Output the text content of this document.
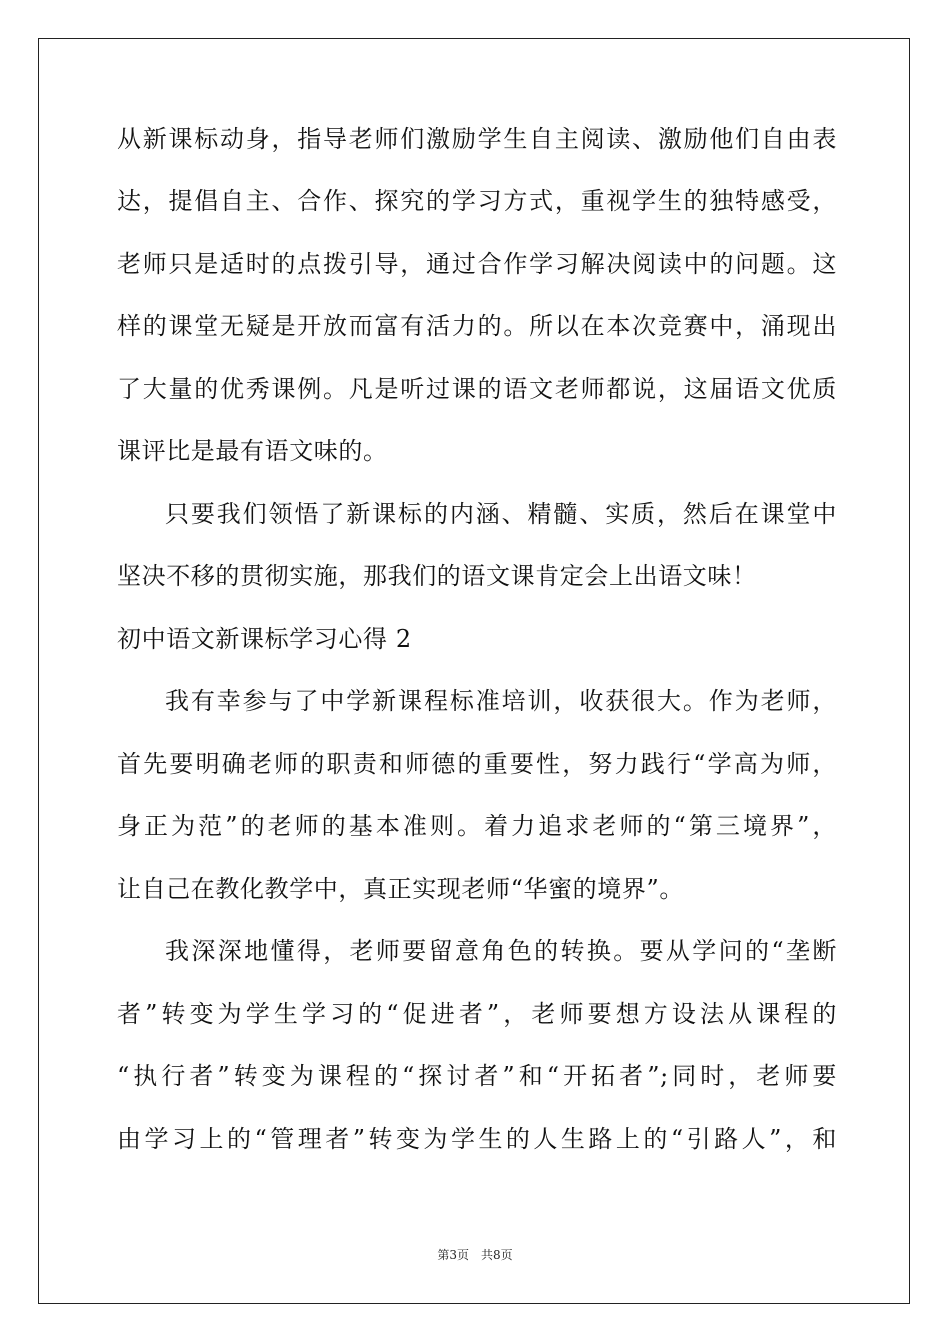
从新课标动身，指导老师们激励学生自主阅读、激励他们自由表
达，提倡自主、合作、探究的学习方式，重视学生的独特感受，
老师只是适时的点拨引导，通过合作学习解决阅读中的问题。这
样的课堂无疑是开放而富有活力的。所以在本次竞赛中，涌现出
了大量的优秀课例。凡是听过课的语文老师都说，这届语文优质
课评比是最有语文味的。
只要我们领悟了新课标的内涵、精髓、实质，然后在课堂中
坚决不移的贯彻实施，那我们的语文课肯定会上出语文味！
初中语文新课标学习心得 2
我有幸参与了中学新课程标准培训，收获很大。作为老师，
首先要明确老师的职责和师德的重要性，努力践行“学高为师，
身正为范”的老师的基本准则。着力追求老师的“第三境界”，
让自己在教化教学中，真正实现老师“华蜜的境界”。
我深深地懂得，老师要留意角色的转换。要从学问的“垄断
者”转变为学生学习的“促进者”，老师要想方设法从课程的
“执行者”转变为课程的“探讨者”和“开拓者”;同时，老师要
由学习上的“管理者”转变为学生的人生路上的“引路人”，和
第3页　共8页
